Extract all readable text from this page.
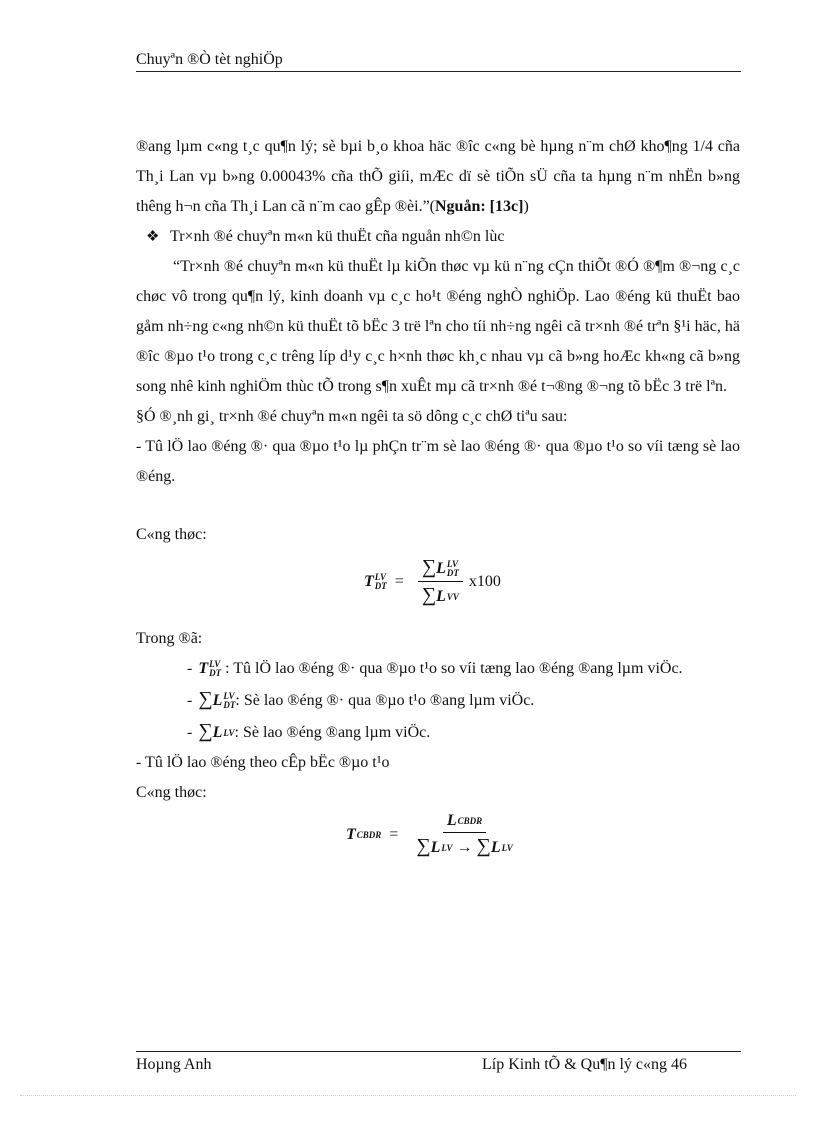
Chuyªn ®Ò tèt nghiÖp

®ang lµm c«ng t¸c qu¶n lý; sè bµi b¸o khoa häc ®îc c«ng bè hµng n¨m chØ kho¶ng 1/4 cña Th¸i Lan vµ b»ng 0.00043% cña thÕ giíi, mÆc dï sè tiÕn sÜ cña ta hµng n¨m nhËn b»ng thêng h¬n cña Th¸i Lan cã n¨m cao gÊp ®èi.”(Nguån: [13c])

❖ Tr×nh ®é chuyªn m«n kü thuËt cña nguån nh©n lùc

“Tr×nh ®é chuyªn m«n kü thuËt lµ kiÕn thøc vµ kü n¨ng cÇn thiÕt ®Ó ®¶m ®¬ng c¸c chøc vô trong qu¶n lý, kinh doanh vµ c¸c ho¹t ®éng nghÒ nghiÖp. Lao ®éng kü thuËt bao gåm nh÷ng c«ng nh©n kü thuËt tõ bËc 3 trë lªn cho tíi nh÷ng ngêi cã tr×nh ®é trªn §¹i häc, hä ®îc ®µo t¹o trong c¸c trêng líp d¹y c¸c h×nh thøc kh¸c nhau vµ cã b»ng hoÆc kh«ng cã b»ng song nhê kinh nghiÖm thùc tÕ trong s¶n xuÊt mµ cã tr×nh ®é t¬®ng ®¬ng tõ bËc 3 trë lªn.

§Ó ®¸nh gi¸ tr×nh ®é chuyªn m«n ngêi ta sö dông c¸c chØ tiªu sau:

- Tû lÖ lao ®éng ®· qua ®µo t¹o lµ phÇn tr¨m sè lao ®éng ®· qua ®µo t¹o so víi tæng sè lao ®éng.

C«ng thøc:

T LV
DT = ∑L LV
DT
∑L VV x100

Trong ®ã:

- T LV
DT : Tû lÖ lao ®éng ®· qua ®µo t¹o so víi tæng lao ®éng ®ang lµm viÖc.

- ∑L LV
DT : Sè lao ®éng ®· qua ®µo t¹o ®ang lµm viÖc.

- ∑L LV : Sè lao ®éng ®ang lµm viÖc.

- Tû lÖ lao ®éng theo cÊp bËc ®µo t¹o

C«ng thøc:

T CBDR = $\frac{\text{L CBDR}}{\text{∑L LV → ∑L LV}}$
Hoµng Anh	Líp Kinh tÕ & Qu¶n lý c«ng 46
